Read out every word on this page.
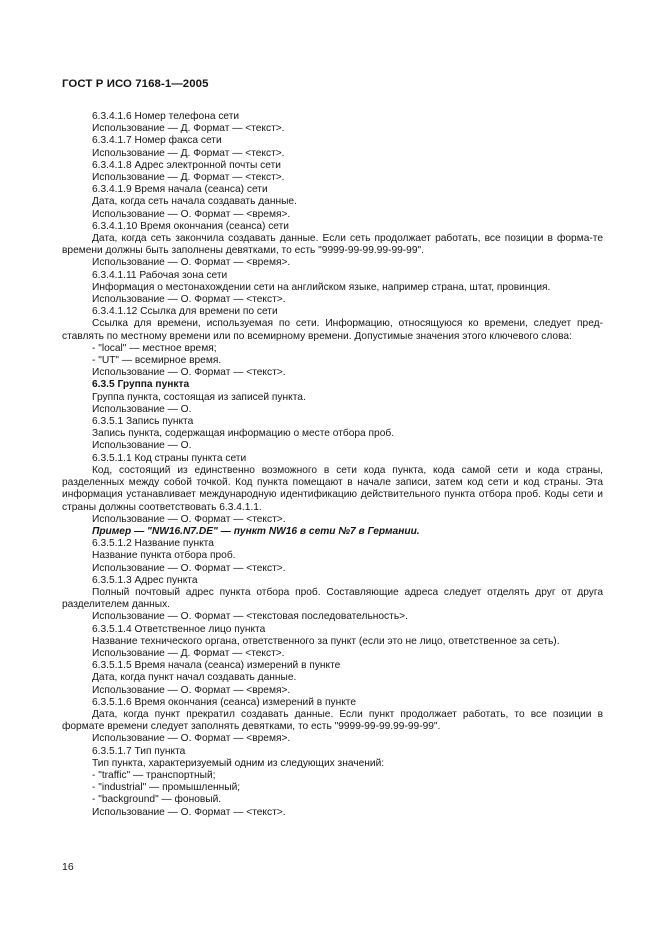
ГОСТ Р ИСО 7168-1—2005

6.3.4.1.6 Номер телефона сети

Использование — Д. Формат — <текст>.

6.3.4.1.7 Номер факса сети

Использование — Д. Формат — <текст>.

6.3.4.1.8 Адрес электронной почты сети

Использование — Д. Формат — <текст>.

6.3.4.1.9 Время начала (сеанса) сети

Дата, когда сеть начала создавать данные.

Использование — О. Формат — <время>.

6.3.4.1.10 Время окончания (сеанса) сети

Дата, когда сеть закончила создавать данные. Если сеть продолжает работать, все позиции в форма-те времени должны быть заполнены девятками, то есть "9999-99-99.99-99-99".

Использование — О. Формат — <время>.

6.3.4.1.11 Рабочая зона сети

Информация о местонахождении сети на английском языке, например страна, штат, провинция.

Использование — О. Формат — <текст>.

6.3.4.1.12 Ссылка для времени по сети

Ссылка для времени, используемая по сети. Информацию, относящуюся ко времени, следует пред-ставлять по местному времени или по всемирному времени. Допустимые значения этого ключевого слова:

- "local" — местное время;

- "UT" — всемирное время.

Использование — О. Формат — <текст>.

6.3.5 Группа пункта

Группа пункта, состоящая из записей пункта.

Использование — О.

6.3.5.1 Запись пункта

Запись пункта, содержащая информацию о месте отбора проб.

Использование — О.

6.3.5.1.1 Код страны пункта сети

Код, состоящий из единственно возможного в сети кода пункта, кода самой сети и кода страны, разделенных между собой точкой. Код пункта помещают в начале записи, затем код сети и код страны. Эта информация устанавливает международную идентификацию действительного пункта отбора проб. Коды сети и страны должны соответствовать 6.3.4.1.1.

Использование — О. Формат — <текст>.

Пример — "NW16.N7.DE" — пункт NW16 в сети №7 в Германии.

6.3.5.1.2 Название пункта

Название пункта отбора проб.

Использование — О. Формат — <текст>.

6.3.5.1.3 Адрес пункта

Полный почтовый адрес пункта отбора проб. Составляющие адреса следует отделять друг от друга разделителем данных.

Использование — О. Формат — <текстовая последовательность>.

6.3.5.1.4 Ответственное лицо пункта

Название технического органа, ответственного за пункт (если это не лицо, ответственное за сеть).

Использование — Д. Формат — <текст>.

6.3.5.1.5 Время начала (сеанса) измерений в пункте

Дата, когда пункт начал создавать данные.

Использование — О. Формат — <время>.

6.3.5.1.6 Время окончания (сеанса) измерений в пункте

Дата, когда пункт прекратил создавать данные. Если пункт продолжает работать, то все позиции в формате времени следует заполнять девятками, то есть "9999-99-99.99-99-99".

Использование — О. Формат — <время>.

6.3.5.1.7 Тип пункта

Тип пункта, характеризуемый одним из следующих значений:

- "traffic" — транспортный;

- "industrial" — промышленный;

- "background" — фоновый.

Использование — О. Формат — <текст>.

16
